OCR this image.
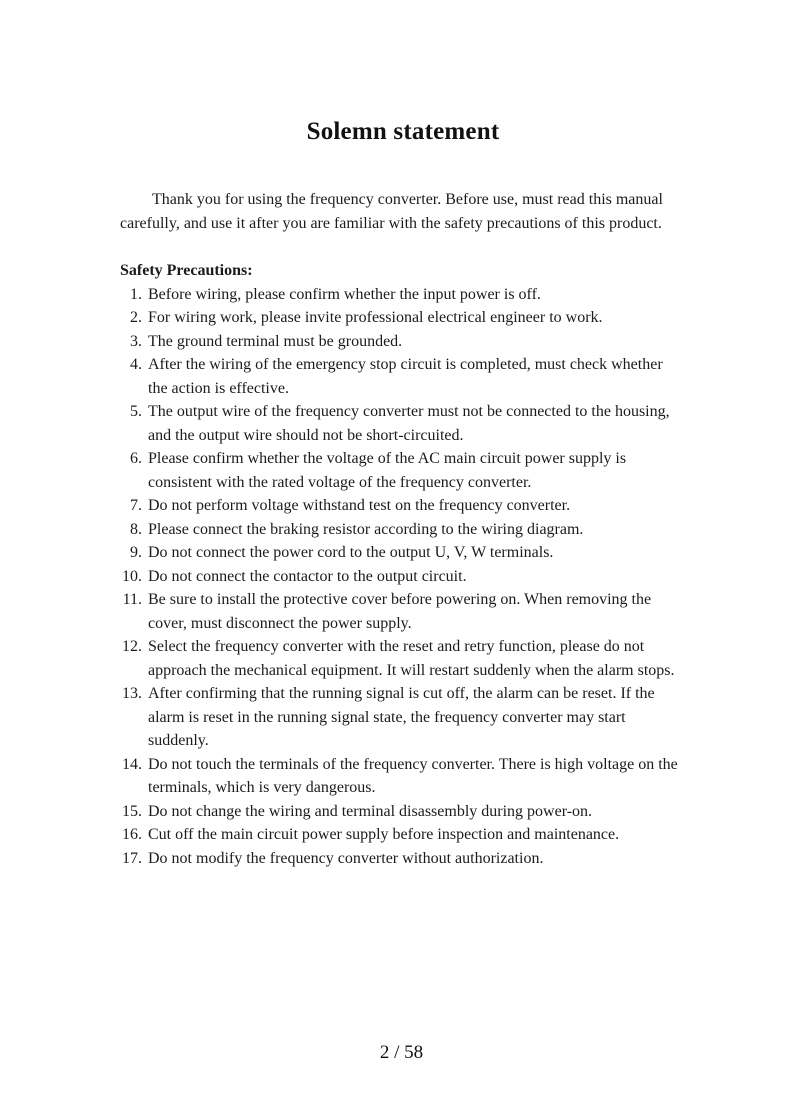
Solemn statement

Thank you for using the frequency converter. Before use, must read this manual carefully, and use it after you are familiar with the safety precautions of this product.

Safety Precautions:
1. Before wiring, please confirm whether the input power is off.
2. For wiring work, please invite professional electrical engineer to work.
3. The ground terminal must be grounded.
4. After the wiring of the emergency stop circuit is completed, must check whether the action is effective.
5. The output wire of the frequency converter must not be connected to the housing, and the output wire should not be short-circuited.
6. Please confirm whether the voltage of the AC main circuit power supply is consistent with the rated voltage of the frequency converter.
7. Do not perform voltage withstand test on the frequency converter.
8. Please connect the braking resistor according to the wiring diagram.
9. Do not connect the power cord to the output U, V, W terminals.
10. Do not connect the contactor to the output circuit.
11. Be sure to install the protective cover before powering on. When removing the cover, must disconnect the power supply.
12. Select the frequency converter with the reset and retry function, please do not approach the mechanical equipment. It will restart suddenly when the alarm stops.
13. After confirming that the running signal is cut off, the alarm can be reset. If the alarm is reset in the running signal state, the frequency converter may start suddenly.
14. Do not touch the terminals of the frequency converter. There is high voltage on the terminals, which is very dangerous.
15. Do not change the wiring and terminal disassembly during power-on.
16. Cut off the main circuit power supply before inspection and maintenance.
17. Do not modify the frequency converter without authorization.
2 / 58
